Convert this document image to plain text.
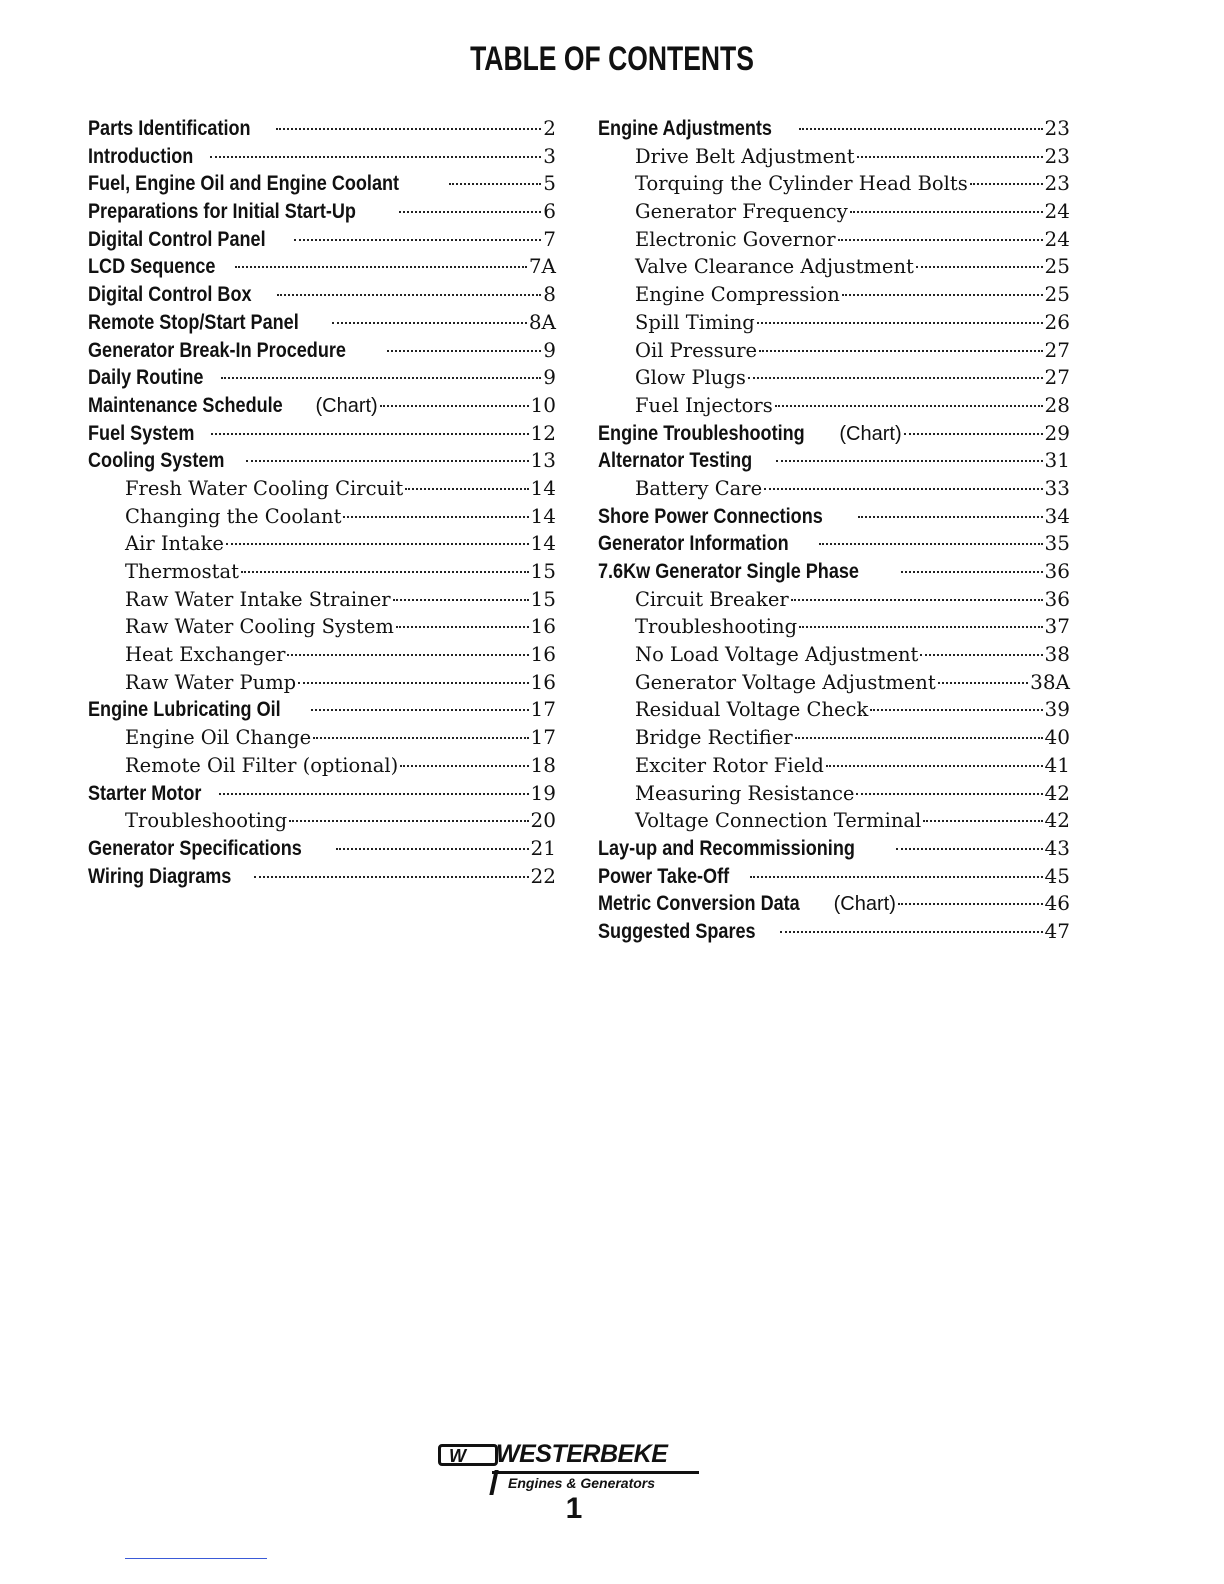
TABLE OF CONTENTS
Parts Identification	2
Introduction	3
Fuel, Engine Oil and Engine Coolant	5
Preparations for Initial Start-Up	6
Digital Control Panel	7
LCD Sequence	7A
Digital Control Box	8
Remote Stop/Start Panel	8A
Generator Break-In Procedure	9
Daily Routine	9
Maintenance Schedule (Chart)	10
Fuel System	12
Cooling System	13
Fresh Water Cooling Circuit	14
Changing the Coolant	14
Air Intake	14
Thermostat	15
Raw Water Intake Strainer	15
Raw Water Cooling System	16
Heat Exchanger	16
Raw Water Pump	16
Engine Lubricating Oil	17
Engine Oil Change	17
Remote Oil Filter (optional)	18
Starter Motor	19
Troubleshooting	20
Generator Specifications	21
Wiring Diagrams	22
Engine Adjustments	23
Drive Belt Adjustment	23
Torquing the Cylinder Head Bolts	23
Generator Frequency	24
Electronic Governor	24
Valve Clearance Adjustment	25
Engine Compression	25
Spill Timing	26
Oil Pressure	27
Glow Plugs	27
Fuel Injectors	28
Engine Troubleshooting (Chart)	29
Alternator Testing	31
Battery Care	33
Shore Power Connections	34
Generator Information	35
7.6Kw Generator Single Phase	36
Circuit Breaker	36
Troubleshooting	37
No Load Voltage Adjustment	38
Generator Voltage Adjustment	38A
Residual Voltage Check	39
Bridge Rectifier	40
Exciter Rotor Field	41
Measuring Resistance	42
Voltage Connection Terminal	42
Lay-up and Recommissioning	43
Power Take-Off	45
Metric Conversion Data (Chart)	46
Suggested Spares	47
W WESTERBEKE
Engines & Generators
1
